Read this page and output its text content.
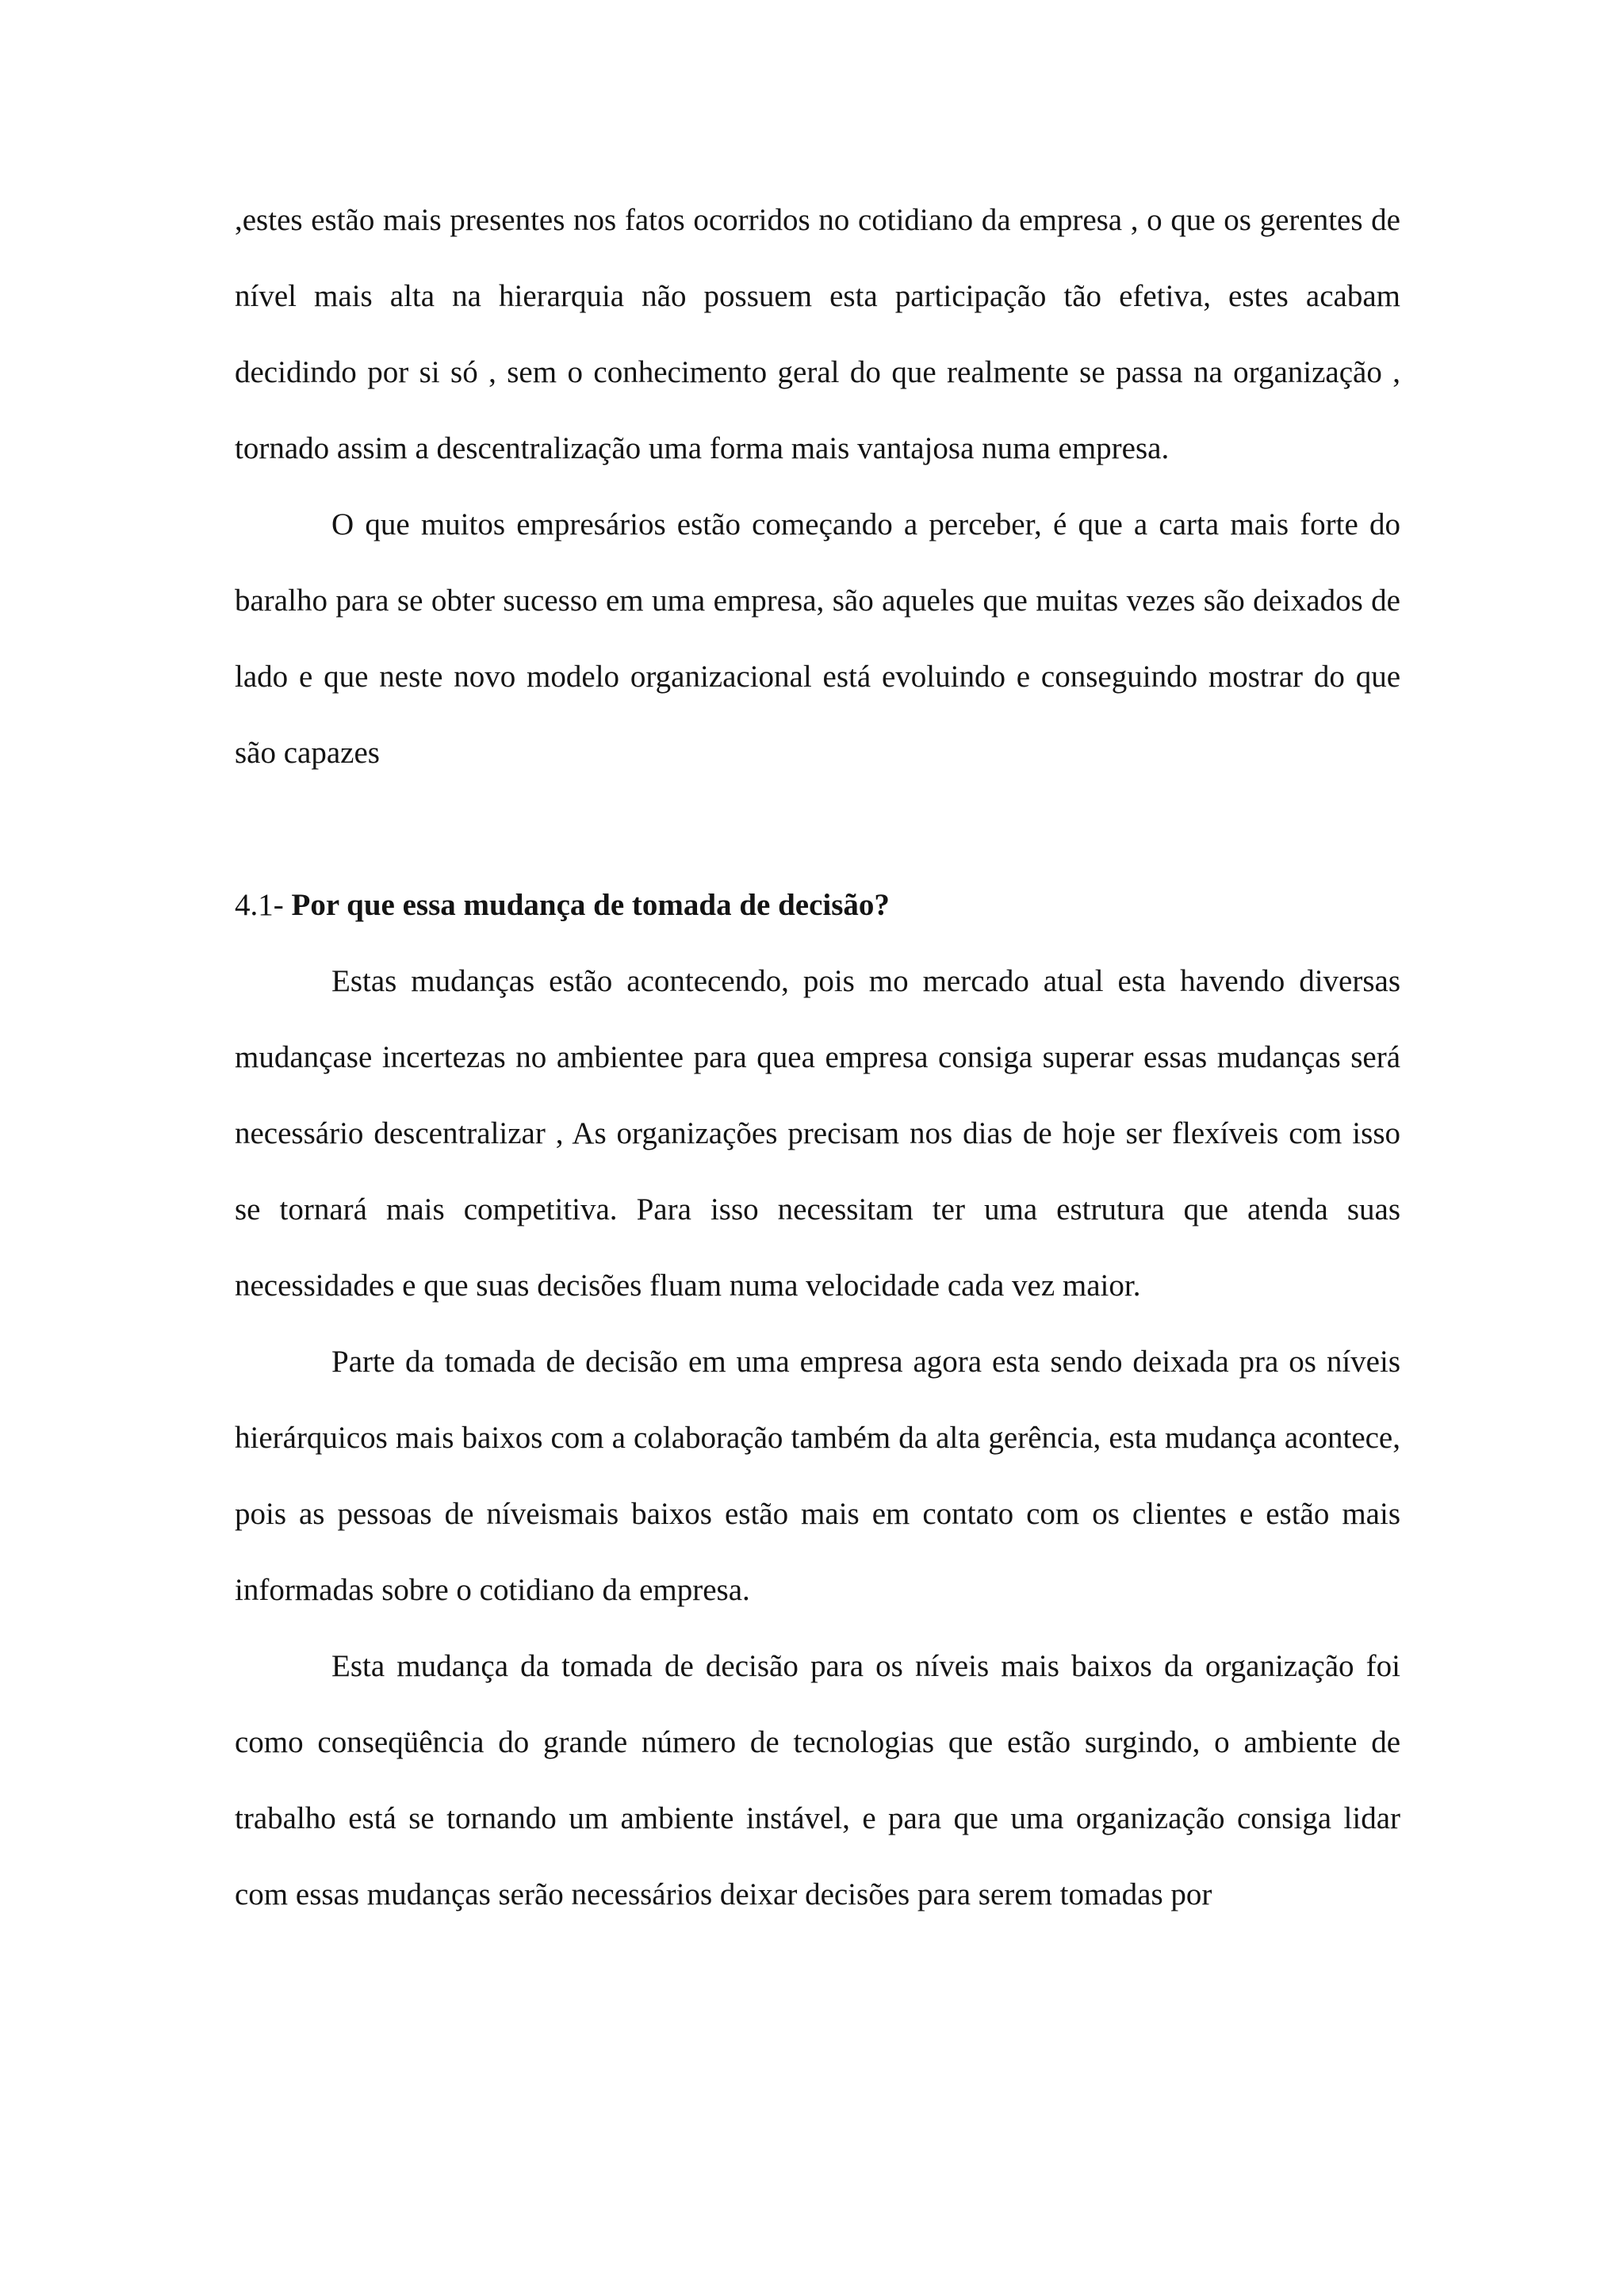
,estes estão mais presentes nos fatos ocorridos no cotidiano da empresa , o que os gerentes de nível mais alta na hierarquia não possuem esta participação tão efetiva, estes acabam decidindo por si só , sem o conhecimento geral do que realmente se passa na organização , tornado assim a descentralização uma forma mais vantajosa numa empresa.

O que muitos empresários estão começando a perceber, é que a carta mais forte do baralho para se obter sucesso em uma empresa, são aqueles que muitas vezes são deixados de lado e que neste novo modelo organizacional está evoluindo e conseguindo mostrar do que são capazes

4.1- Por que essa mudança de tomada de decisão?

Estas mudanças estão acontecendo, pois mo mercado atual esta havendo diversas mudançase incertezas no ambientee para quea empresa consiga superar essas mudanças será necessário descentralizar , As organizações precisam nos dias de hoje ser flexíveis com isso se tornará mais competitiva. Para isso necessitam ter uma estrutura que atenda suas necessidades e que suas decisões fluam numa velocidade cada vez maior.

Parte da tomada de decisão em uma empresa agora esta sendo deixada pra os níveis hierárquicos mais baixos com a colaboração também da alta gerência, esta mudança acontece, pois as pessoas de níveismais baixos estão mais em contato com os clientes e estão mais informadas sobre o cotidiano da empresa.

Esta mudança da tomada de decisão para os níveis mais baixos da organização foi como conseqüência do grande número de tecnologias que estão surgindo, o ambiente de trabalho está se tornando um ambiente instável, e para que uma organização consiga lidar com essas mudanças serão necessários deixar decisões para serem tomadas por
